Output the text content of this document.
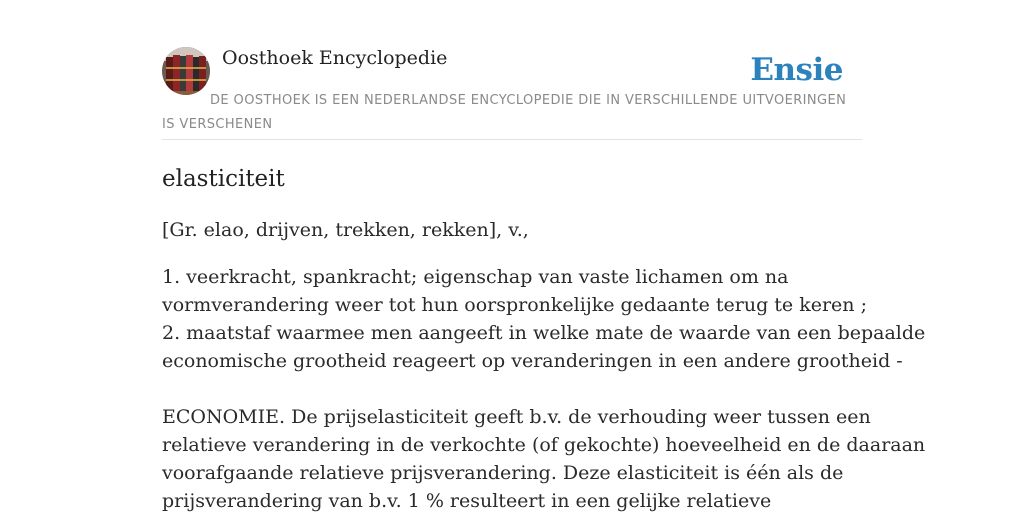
Oosthoek Encyclopedie	Ensie

DE OOSTHOEK IS EEN NEDERLANDSE ENCYCLOPEDIE DIE IN VERSCHILLENDE UITVOERINGEN IS VERSCHENEN

elasticiteit

[Gr. elao, drijven, trekken, rekken], v.,

1. veerkracht, spankracht; eigenschap van vaste lichamen om na
vormverandering weer tot hun oorspronkelijke gedaante terug te keren ;
2. maatstaf waarmee men aangeeft in welke mate de waarde van een bepaalde
economische grootheid reageert op veranderingen in een andere grootheid -
ECONOMIE. De prijselasticiteit geeft b.v. de verhouding weer tussen een
relatieve verandering in de verkochte (of gekochte) hoeveelheid en de daaraan
voorafgaande relatieve prijsverandering. Deze elasticiteit is één als de
prijsverandering van b.v. 1 % resulteert in een gelijke relatieve
